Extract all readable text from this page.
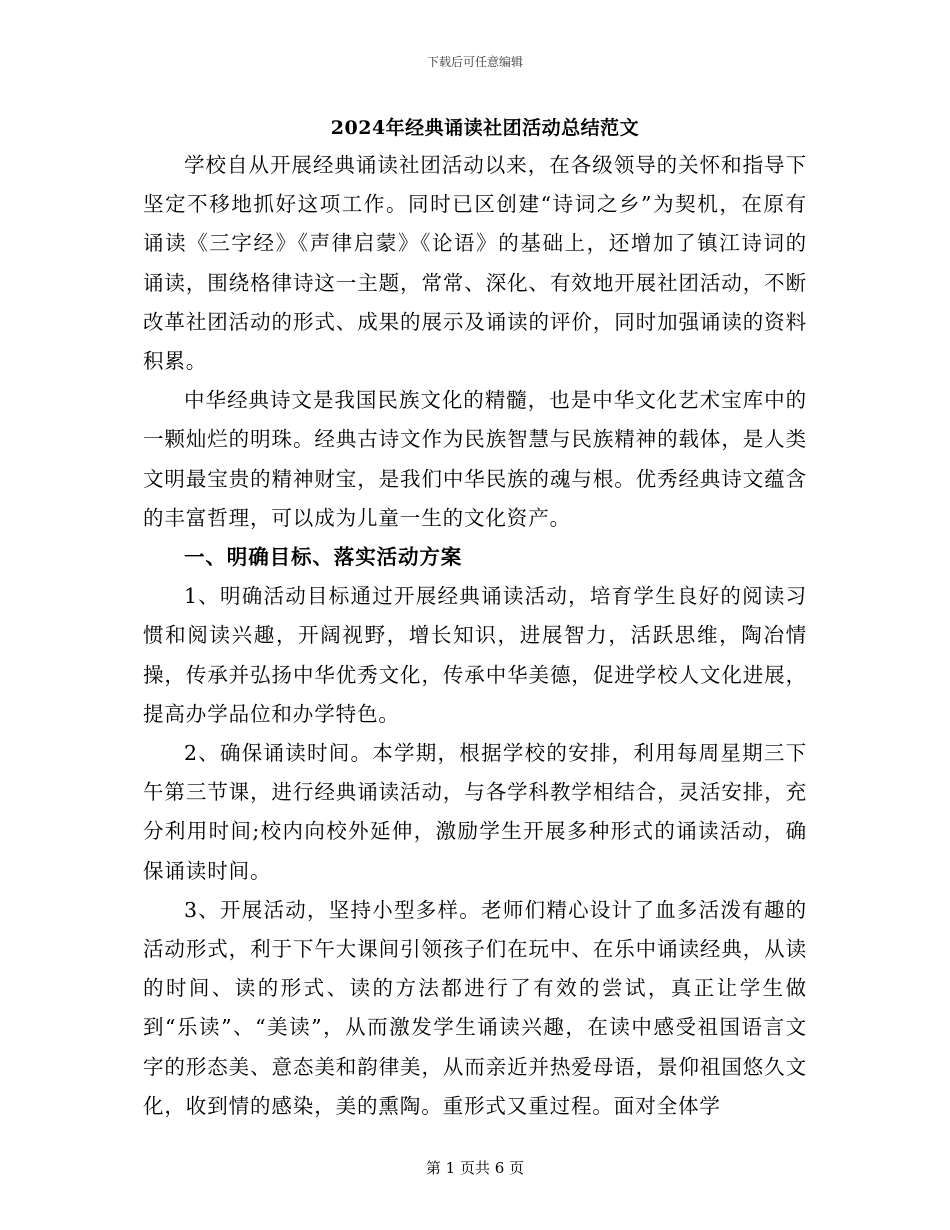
下载后可任意编辑
2024年经典诵读社团活动总结范文

学校自从开展经典诵读社团活动以来，在各级领导的关怀和指导下坚定不移地抓好这项工作。同时已区创建“诗词之乡”为契机，在原有诵读《三字经》《声律启蒙》《论语》的基础上，还增加了镇江诗词的诵读，围绕格律诗这一主题，常常、深化、有效地开展社团活动，不断改革社团活动的形式、成果的展示及诵读的评价，同时加强诵读的资料积累。

中华经典诗文是我国民族文化的精髓，也是中华文化艺术宝库中的一颗灿烂的明珠。经典古诗文作为民族智慧与民族精神的载体，是人类文明最宝贵的精神财宝，是我们中华民族的魂与根。优秀经典诗文蕴含的丰富哲理，可以成为儿童一生的文化资产。

一、明确目标、落实活动方案

1、明确活动目标通过开展经典诵读活动，培育学生良好的阅读习惯和阅读兴趣，开阔视野，增长知识，进展智力，活跃思维，陶冶情操，传承并弘扬中华优秀文化，传承中华美德，促进学校人文化进展，提高办学品位和办学特色。

2、确保诵读时间。本学期，根据学校的安排，利用每周星期三下午第三节课，进行经典诵读活动，与各学科教学相结合，灵活安排，充分利用时间;校内向校外延伸，激励学生开展多种形式的诵读活动，确保诵读时间。

3、开展活动，坚持小型多样。老师们精心设计了血多活泼有趣的活动形式，利于下午大课间引领孩子们在玩中、在乐中诵读经典，从读的时间、读的形式、读的方法都进行了有效的尝试，真正让学生做到“乐读”、“美读”，从而激发学生诵读兴趣，在读中感受祖国语言文字的形态美、意态美和韵律美，从而亲近并热爱母语，景仰祖国悠久文化，收到情的感染，美的熏陶。重形式又重过程。面对全体学

第 1 页共 6 页
